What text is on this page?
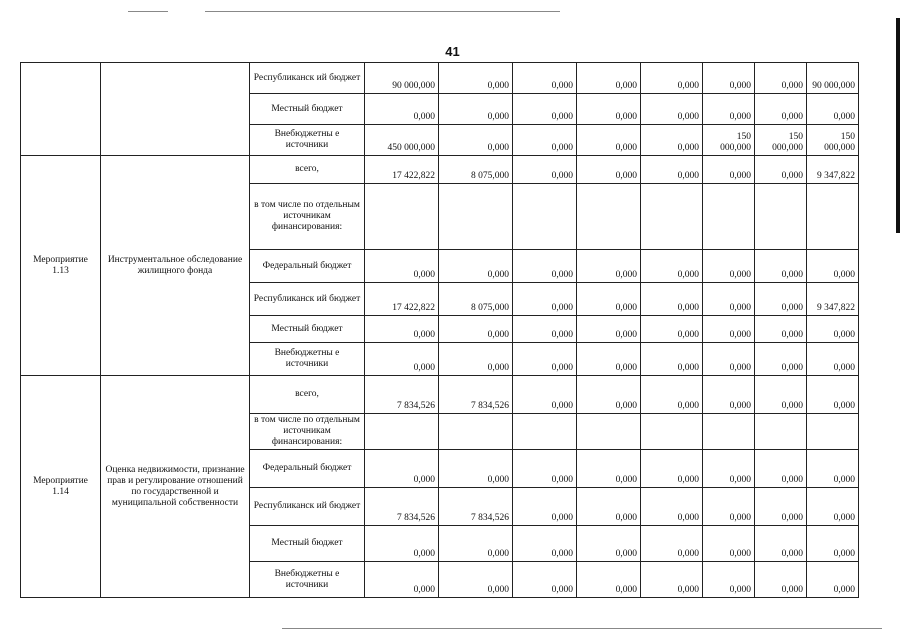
41
		Республиканск ий бюджет	90 000,000	0,000	0,000	0,000	0,000	0,000	0,000	90 000,000
		Местный бюджет	0,000	0,000	0,000	0,000	0,000	0,000	0,000	0,000
		Внебюджетны е источники	450 000,000	0,000	0,000	0,000	0,000	150 000,000	150 000,000	150 000,000
Мероприятие 1.13	Инструментальное обследование жилищного фонда	всего,	17 422,822	8 075,000	0,000	0,000	0,000	0,000	0,000	9 347,822
		в том числе по отдельным источникам финансирования:								
		Федеральный бюджет	0,000	0,000	0,000	0,000	0,000	0,000	0,000	0,000
		Республиканск ий бюджет	17 422,822	8 075,000	0,000	0,000	0,000	0,000	0,000	9 347,822
		Местный бюджет	0,000	0,000	0,000	0,000	0,000	0,000	0,000	0,000
		Внебюджетны е источники	0,000	0,000	0,000	0,000	0,000	0,000	0,000	0,000
Мероприятие 1.14	Оценка недвижимости, признание прав и регулирование отношений по государственной и муниципальной собственности	всего,	7 834,526	7 834,526	0,000	0,000	0,000	0,000	0,000	0,000
		в том числе по отдельным источникам финансирования:								
		Федеральный бюджет	0,000	0,000	0,000	0,000	0,000	0,000	0,000	0,000
		Республиканск ий бюджет	7 834,526	7 834,526	0,000	0,000	0,000	0,000	0,000	0,000
		Местный бюджет	0,000	0,000	0,000	0,000	0,000	0,000	0,000	0,000
		Внебюджетны е источники	0,000	0,000	0,000	0,000	0,000	0,000	0,000	0,000
